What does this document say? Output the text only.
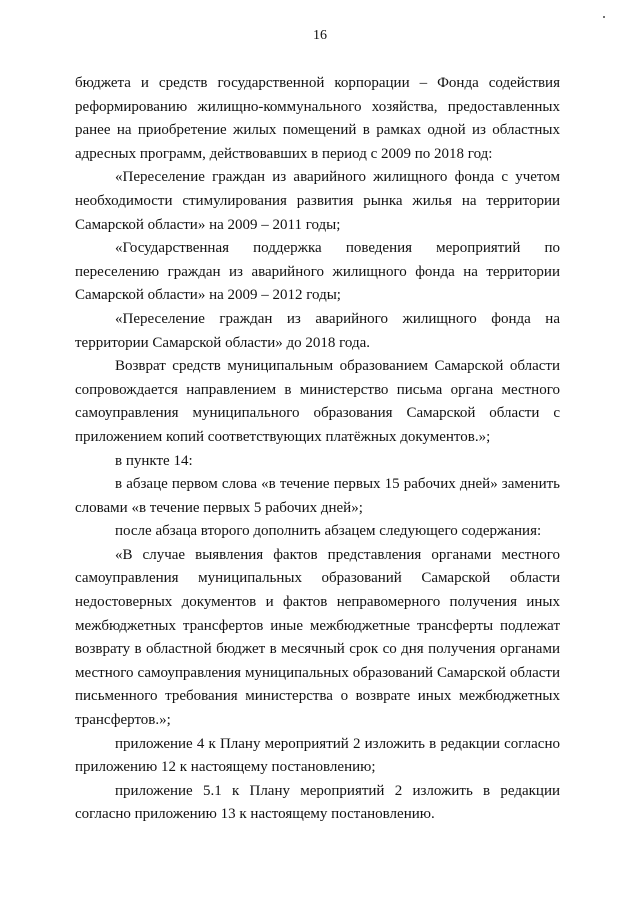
16

бюджета и средств государственной корпорации – Фонда содействия реформированию жилищно-коммунального хозяйства, предоставленных ранее на приобретение жилых помещений в рамках одной из областных адресных программ, действовавших в период с 2009 по 2018 год:

«Переселение граждан из аварийного жилищного фонда с учетом необходимости стимулирования развития рынка жилья на территории Самарской области» на 2009 – 2011 годы;

«Государственная поддержка поведения мероприятий по переселению граждан из аварийного жилищного фонда на территории Самарской области» на 2009 – 2012 годы;

«Переселение граждан из аварийного жилищного фонда на территории Самарской области» до 2018 года.

Возврат средств муниципальным образованием Самарской области сопровождается направлением в министерство письма органа местного самоуправления муниципального образования Самарской области с приложением копий соответствующих платёжных документов.»;

в пункте 14:

в абзаце первом слова «в течение первых 15 рабочих дней» заменить словами «в течение первых 5 рабочих дней»;

после абзаца второго дополнить абзацем следующего содержания:

«В случае выявления фактов представления органами местного самоуправления муниципальных образований Самарской области недостоверных документов и фактов неправомерного получения иных межбюджетных трансфертов иные межбюджетные трансферты подлежат возврату в областной бюджет в месячный срок со дня получения органами местного самоуправления муниципальных образований Самарской области письменного требования министерства о возврате иных межбюджетных трансфертов.»;

приложение 4 к Плану мероприятий 2 изложить в редакции согласно приложению 12 к настоящему постановлению;

приложение 5.1 к Плану мероприятий 2 изложить в редакции согласно приложению 13 к настоящему постановлению.
